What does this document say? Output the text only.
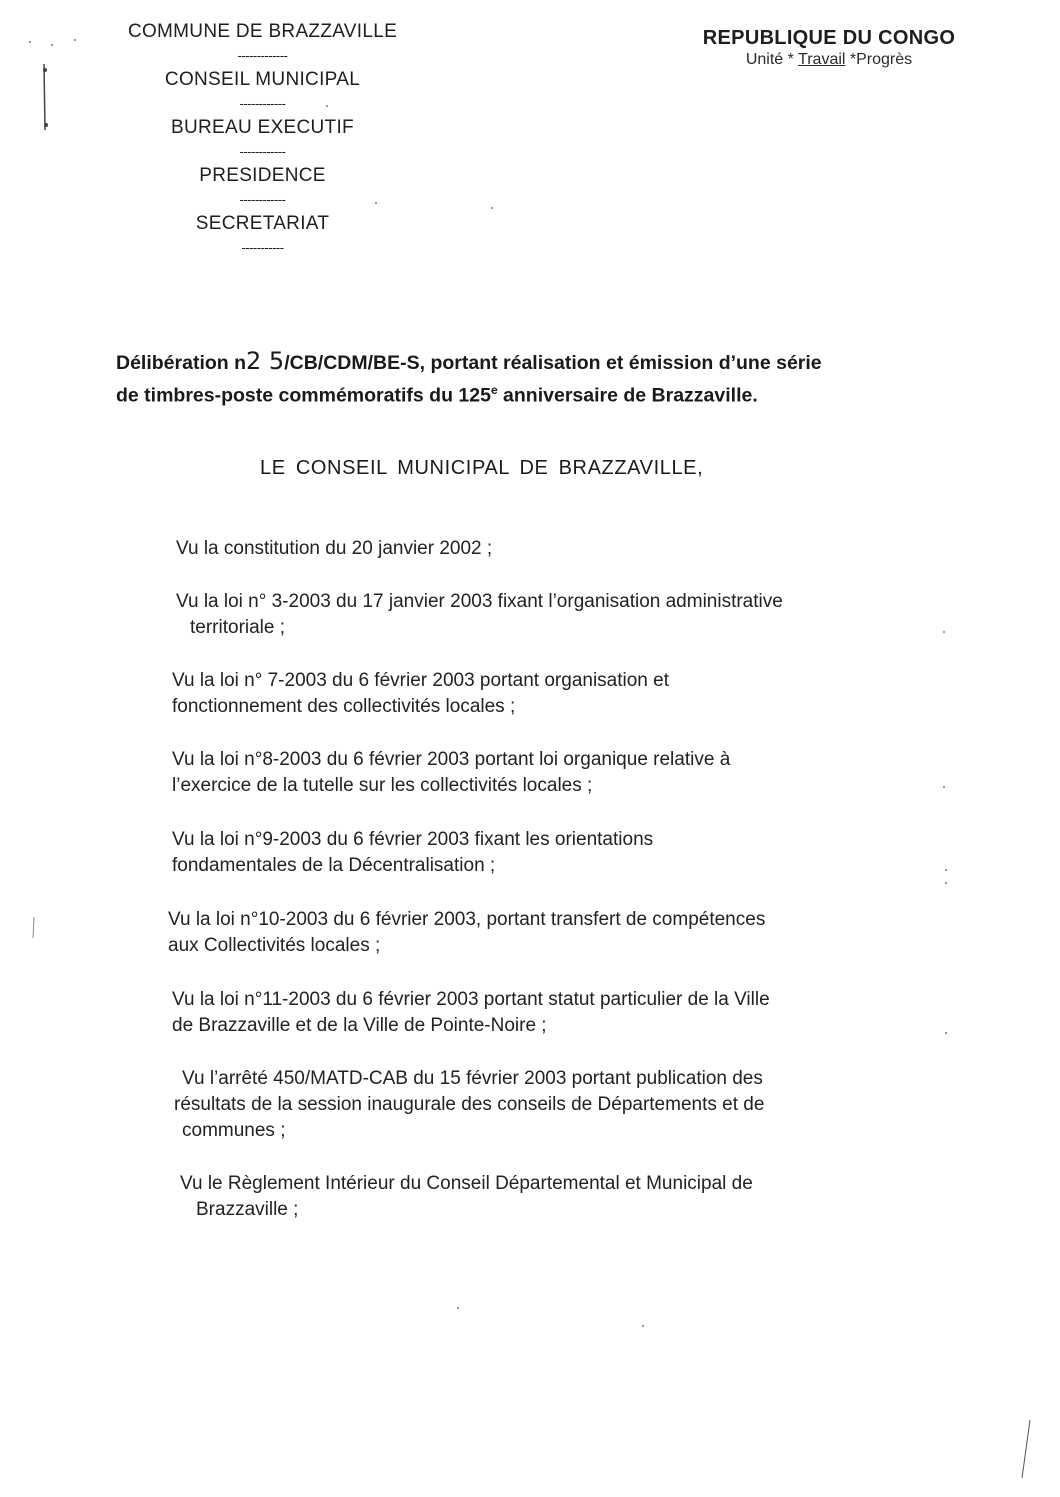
COMMUNE DE BRAZZAVILLE
-------------
CONSEIL MUNICIPAL
------------
BUREAU EXECUTIF
------------
PRESIDENCE
------------
SECRETARIAT
-----------
REPUBLIQUE DU CONGO
Unité * Travail *Progrès
Délibération n2 5/CB/CDM/BE-S, portant réalisation et émission d’une série
de timbres-poste commémoratifs du 125e anniversaire de Brazzaville.
LE CONSEIL MUNICIPAL DE BRAZZAVILLE,
Vu la constitution du 20 janvier 2002 ;
Vu la loi n° 3-2003 du 17 janvier 2003 fixant l’organisation administrative
territoriale ;
Vu la loi n° 7-2003 du 6 février 2003 portant organisation et
fonctionnement des collectivités locales ;
Vu la loi n°8-2003 du 6 février 2003 portant loi organique relative à
l’exercice de la tutelle sur les collectivités locales ;
Vu la loi n°9-2003 du 6 février 2003 fixant les orientations
fondamentales de la Décentralisation ;
Vu la loi n°10-2003 du 6 février 2003, portant transfert de compétences
aux Collectivités locales ;
Vu la loi n°11-2003 du 6 février 2003 portant statut particulier de la Ville
de Brazzaville et de la Ville de Pointe-Noire ;
Vu l’arrêté 450/MATD-CAB du 15 février 2003 portant publication des
résultats de la session inaugurale des conseils de Départements et de
communes ;
Vu le Règlement Intérieur du Conseil Départemental et Municipal de
Brazzaville ;
